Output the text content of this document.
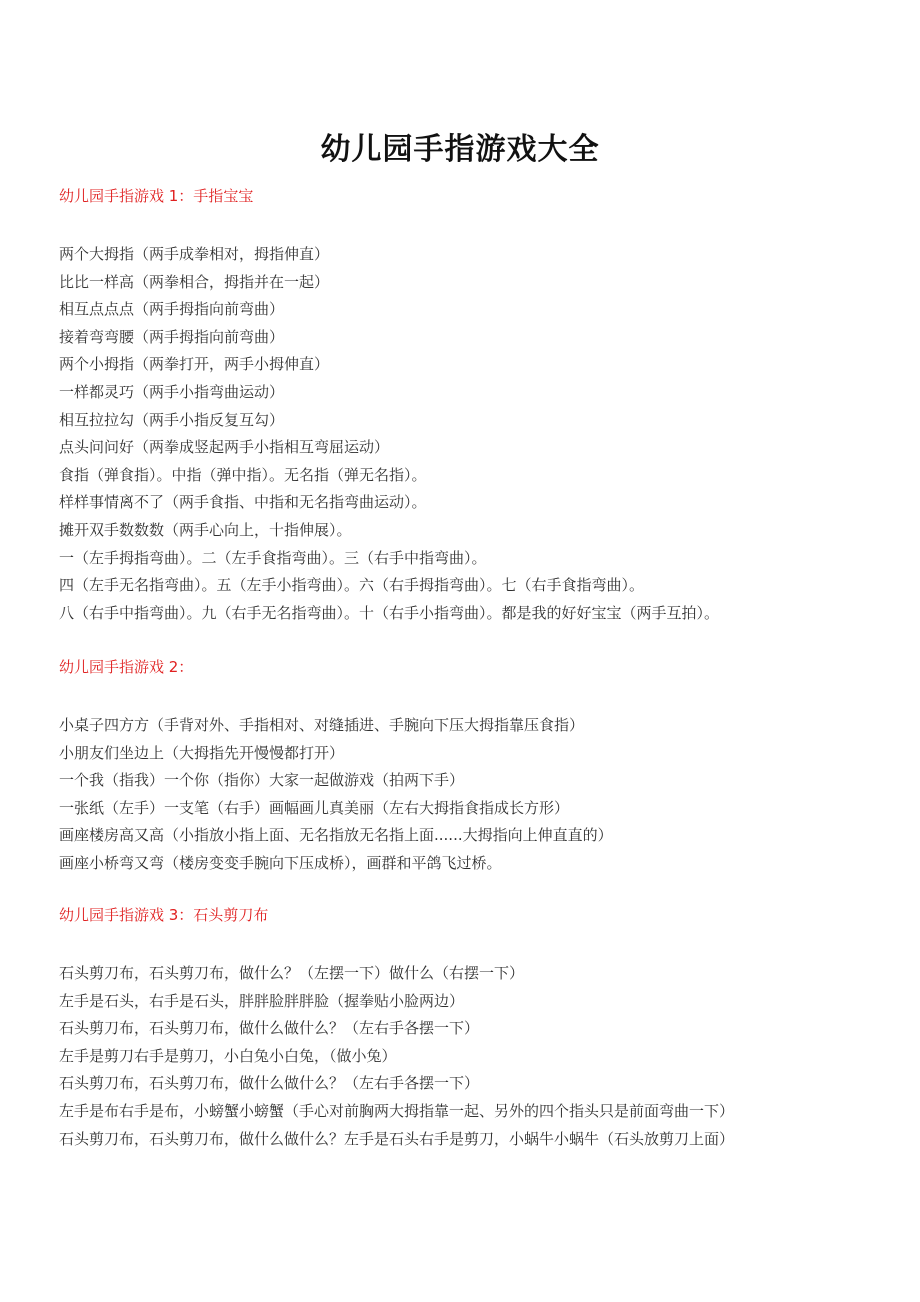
幼儿园手指游戏大全

幼儿园手指游戏 1：手指宝宝

两个大拇指（两手成拳相对，拇指伸直）
比比一样高（两拳相合，拇指并在一起）
相互点点点（两手拇指向前弯曲）
接着弯弯腰（两手拇指向前弯曲）
两个小拇指（两拳打开，两手小拇伸直）
一样都灵巧（两手小指弯曲运动）
相互拉拉勾（两手小指反复互勾）
点头问问好（两拳成竖起两手小指相互弯屈运动）
食指（弹食指）。中指（弹中指）。无名指（弹无名指）。
样样事情离不了（两手食指、中指和无名指弯曲运动）。
摊开双手数数数（两手心向上，十指伸展）。
一（左手拇指弯曲）。二（左手食指弯曲）。三（右手中指弯曲）。
四（左手无名指弯曲）。五（左手小指弯曲）。六（右手拇指弯曲）。七（右手食指弯曲）。
八（右手中指弯曲）。九（右手无名指弯曲）。十（右手小指弯曲）。都是我的好好宝宝（两手互拍）。

幼儿园手指游戏 2：

小桌子四方方（手背对外、手指相对、对缝插进、手腕向下压大拇指靠压食指）
小朋友们坐边上（大拇指先开慢慢都打开）
一个我（指我）一个你（指你）大家一起做游戏（拍两下手）
一张纸（左手）一支笔（右手）画幅画儿真美丽（左右大拇指食指成长方形）
画座楼房高又高（小指放小指上面、无名指放无名指上面......大拇指向上伸直直的）
画座小桥弯又弯（楼房变变手腕向下压成桥），画群和平鸽飞过桥。

幼儿园手指游戏 3：石头剪刀布

石头剪刀布，石头剪刀布，做什么？（左摆一下）做什么（右摆一下）
左手是石头，右手是石头，胖胖脸胖胖脸（握拳贴小脸两边）
石头剪刀布，石头剪刀布，做什么做什么？（左右手各摆一下）
左手是剪刀右手是剪刀，小白兔小白兔，（做小兔）
石头剪刀布，石头剪刀布，做什么做什么？（左右手各摆一下）
左手是布右手是布，小螃蟹小螃蟹（手心对前胸两大拇指靠一起、另外的四个指头只是前面弯曲一下）
石头剪刀布，石头剪刀布，做什么做什么？左手是石头右手是剪刀，小蜗牛小蜗牛（石头放剪刀上面）
